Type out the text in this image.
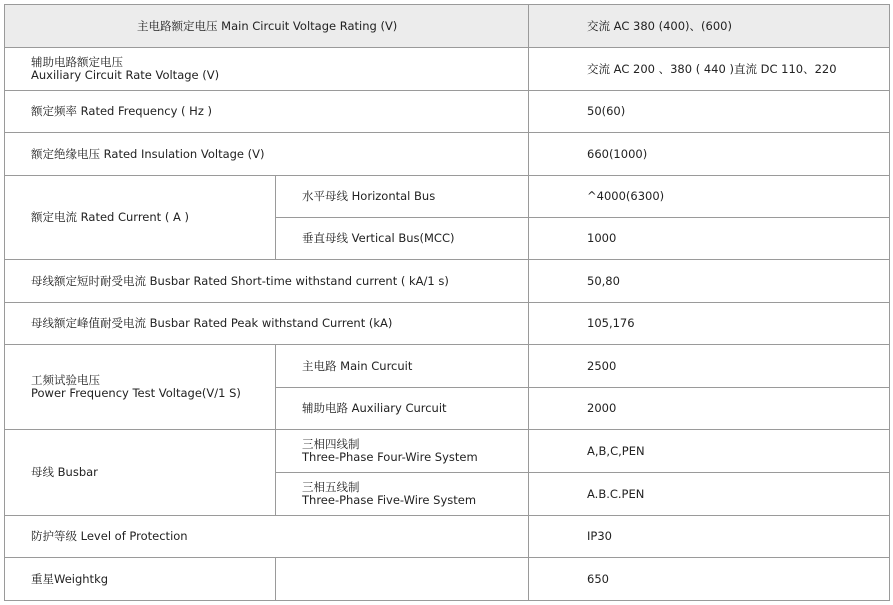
主电路额定电压 Main Circuit Voltage Rating (V)		交流 AC 380 (400)、(600)

辅助电路额定电压
Auxiliary Circuit Rate Voltage (V)		交流 AC 200 、380 ( 440 )直流 DC 110、220
额定频率 Rated Frequency ( Hz )		50(60)
额定绝缘电压 Rated Insulation Voltage (V)		660(1000)
额定电流 Rated Current ( A )	水平母线 Horizontal Bus	^4000(6300)
	垂直母线 Vertical Bus(MCC)	1000
母线额定短时耐受电流 Busbar Rated Short-time withstand current ( kA/1 s)		50,80
母线额定峰值耐受电流 Busbar Rated Peak withstand Current (kA)		105,176

工频试验电压
Power Frequency Test Voltage(V/1 S)	主电路 Main Curcuit	2500
	辅助电路 Auxiliary Curcuit	2000
母线 Busbar	三相四线制
Three-Phase Four-Wire System	A,B,C,PEN

	三相五线制
Three-Phase Five-Wire System	A.B.C.PEN
防护等级 Level of Protection		IP30
重星Weightkg		650
